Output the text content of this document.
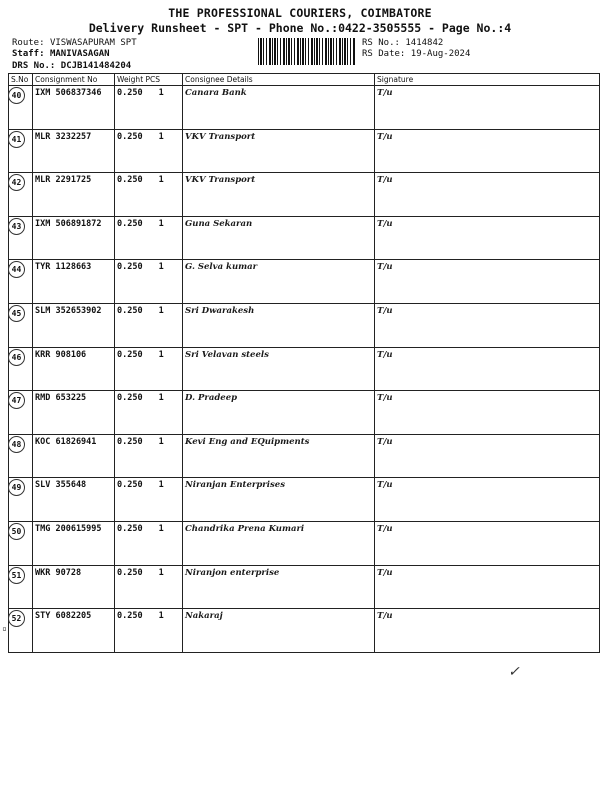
THE PROFESSIONAL COURIERS, COIMBATORE
Delivery Runsheet - SPT - Phone No.:0422-3505555 - Page No.:4
Route: VISWASAPURAM SPT
Staff: MANIVASAGAN
DRS No.: DCJB141484204
RS No.: 1414842
RS Date: 19-Aug-2024
S.No	Consignment No	Weight PCS	Consignee Details	Signature
40	IXM 506837346	0.250 1	Canara Bank	T/u
41	MLR 3232257	0.250 1	VKV Transport	T/u
42	MLR 2291725	0.250 1	VKV Transport	T/u
43	IXM 506891872	0.250 1	Guna Sekaran	T/u
44	TYR 1128663	0.250 1	G. Selva kumar	T/u
45	SLM 352653902	0.250 1	Sri Dwarakesh	T/u
46	KRR 908106	0.250 1	Sri Velavan steels	T/u
47	RMD 653225	0.250 1	D. Pradeep	T/u
48	KOC 61826941	0.250 1	Kevi Eng and EQuipments	T/u
49	SLV 355648	0.250 1	Niranjan Enterprises	T/u
50	TMG 200615995	0.250 1	Chandrika Prena Kumari	T/u
51	WKR 90728	0.250 1	Niranjon enterprise	T/u
52	STY 6082205	0.250 1	Nakaraj	T/u
▫
✓
